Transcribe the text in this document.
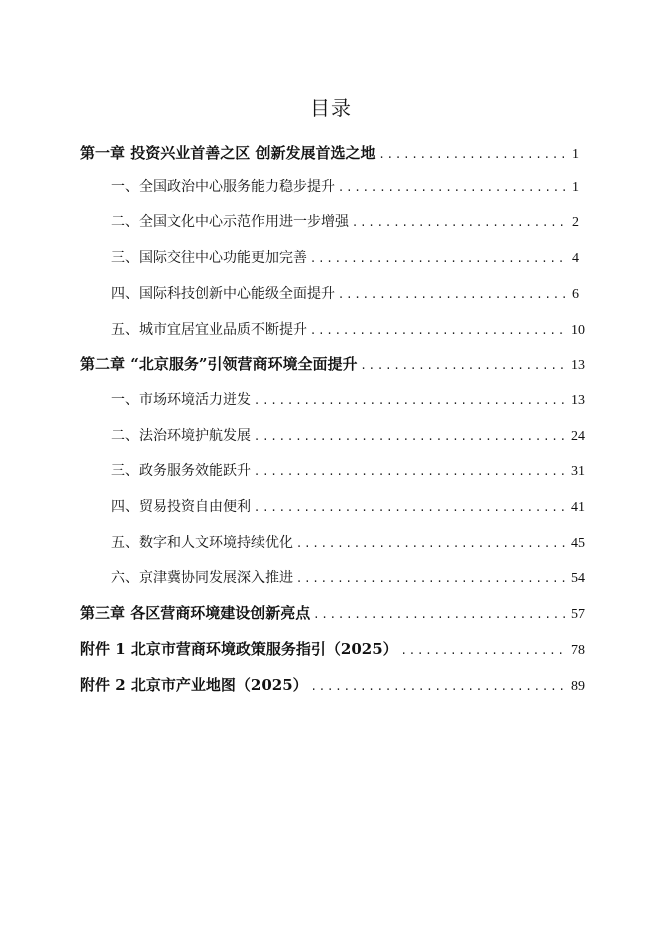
目录
第一章 投资兴业首善之区 创新发展首选之地 . . .	1
一、全国政治中心服务能力稳步提升 . . .	1
二、全国文化中心示范作用进一步增强 . . .	2
三、国际交往中心功能更加完善 . . .	4
四、国际科技创新中心能级全面提升 . . .	6
五、城市宜居宜业品质不断提升 . . .	10
第二章 “北京服务”引领营商环境全面提升 . . .	13
一、市场环境活力迸发 . . .	13
二、法治环境护航发展 . . .	24
三、政务服务效能跃升 . . .	31
四、贸易投资自由便利 . . .	41
五、数字和人文环境持续优化 . . .	45
六、京津冀协同发展深入推进 . . .	54
第三章 各区营商环境建设创新亮点 . . .	57
附件 1 北京市营商环境政策服务指引（2025） . . .	78
附件 2 北京市产业地图（2025） . . .	89
